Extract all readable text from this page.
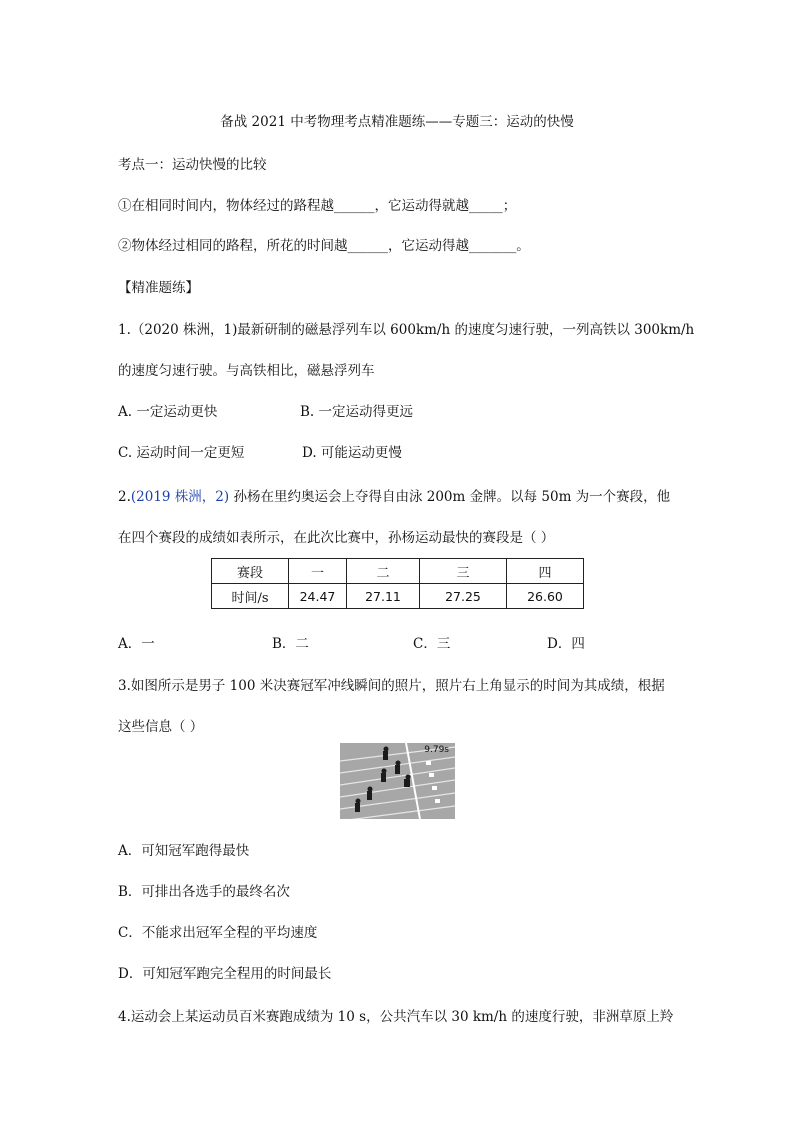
备战 2021 中考物理考点精准题练——专题三：运动的快慢
考点一：运动快慢的比较
①在相同时间内，物体经过的路程越______，它运动得就越_____；
②物体经过相同的路程，所花的时间越______，它运动得越_______。
【精准题练】
1.（2020 株洲，1)最新研制的磁悬浮列车以 600km/h 的速度匀速行驶，一列高铁以 300km/h
的速度匀速行驶。与高铁相比，磁悬浮列车
A. 一定运动更快	B. 一定运动得更远
C. 运动时间一定更短	D. 可能运动更慢
2.(2019 株洲，2) 孙杨在里约奥运会上夺得自由泳 200m 金牌。以每 50m 为一个赛段，他
在四个赛段的成绩如表所示，在此次比赛中，孙杨运动最快的赛段是（ ）
赛段	一	二	三	四
时间/s	24.47	27.11	27.25	26.60
A．一	B．二	C．三	D．四
3.如图所示是男子 100 米决赛冠军冲线瞬间的照片，照片右上角显示的时间为其成绩，根据
这些信息（ ）
9.79s
A．可知冠军跑得最快
B．可排出各选手的最终名次
C．不能求出冠军全程的平均速度
D．可知冠军跑完全程用的时间最长
4.运动会上某运动员百米赛跑成绩为 10 s，公共汽车以 30 km/h 的速度行驶，非洲草原上羚
